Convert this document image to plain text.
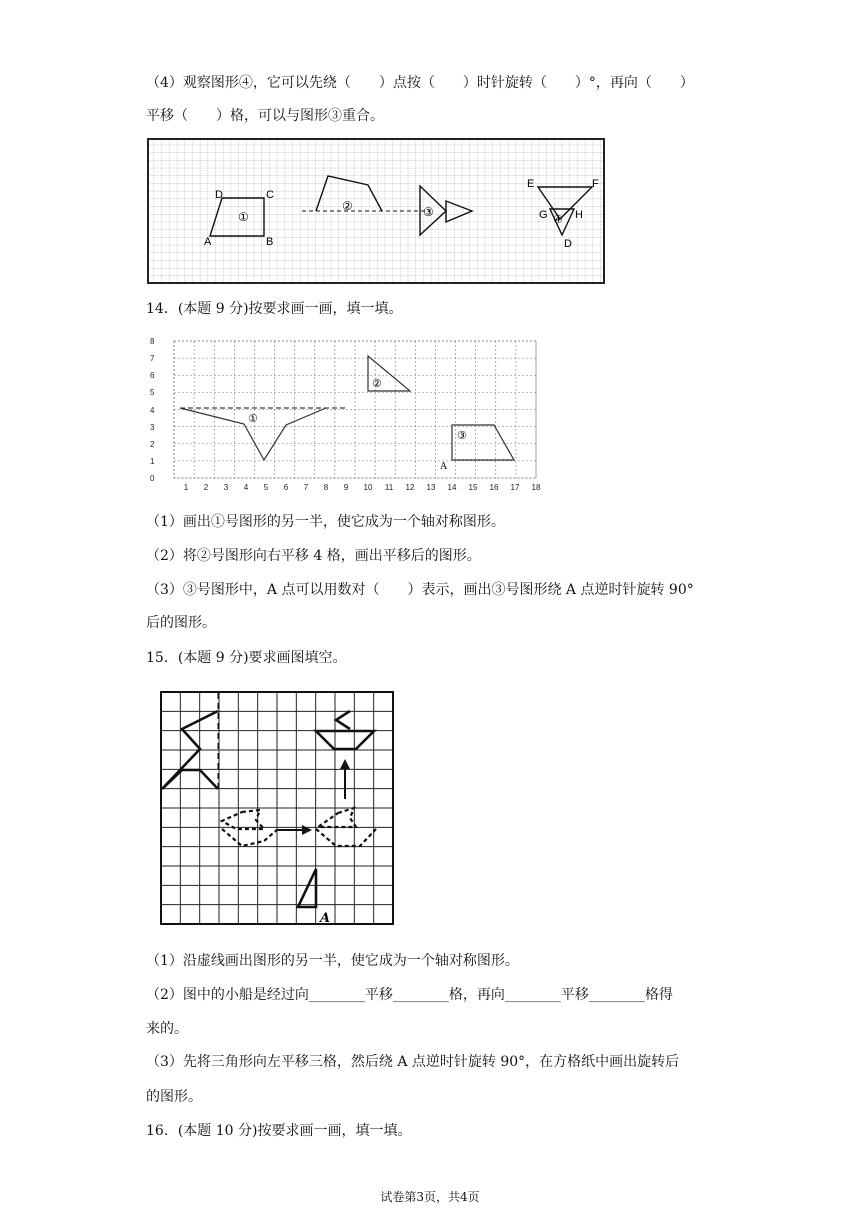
（4）观察图形④，它可以先绕（　　）点按（　　）时针旋转（　　）°，再向（　　）
平移（　　）格，可以与图形③重合。
D	C
A	B
①
②	③
E	F
G H
D
④
14．(本题 9 分)按要求画一画，填一填。
0
1
2
3
4
5
6
7
8
1 2 3 4 5 6 7 8 9 10 11 12 13 14 15 16 17 18
①
②
③
A
（1）画出①号图形的另一半，使它成为一个轴对称图形。
（2）将②号图形向右平移 4 格，画出平移后的图形。
（3）③号图形中，A 点可以用数对（　　）表示，画出③号图形绕 A 点逆时针旋转 90°
后的图形。
15．(本题 9 分)要求画图填空。
A
（1）沿虚线画出图形的另一半，使它成为一个轴对称图形。
（2）图中的小船是经过向________平移________格，再向________平移________格得
来的。
（3）先将三角形向左平移三格，然后绕 A 点逆时针旋转 90°，在方格纸中画出旋转后
的图形。
16．(本题 10 分)按要求画一画，填一填。
试卷第3页，共4页
